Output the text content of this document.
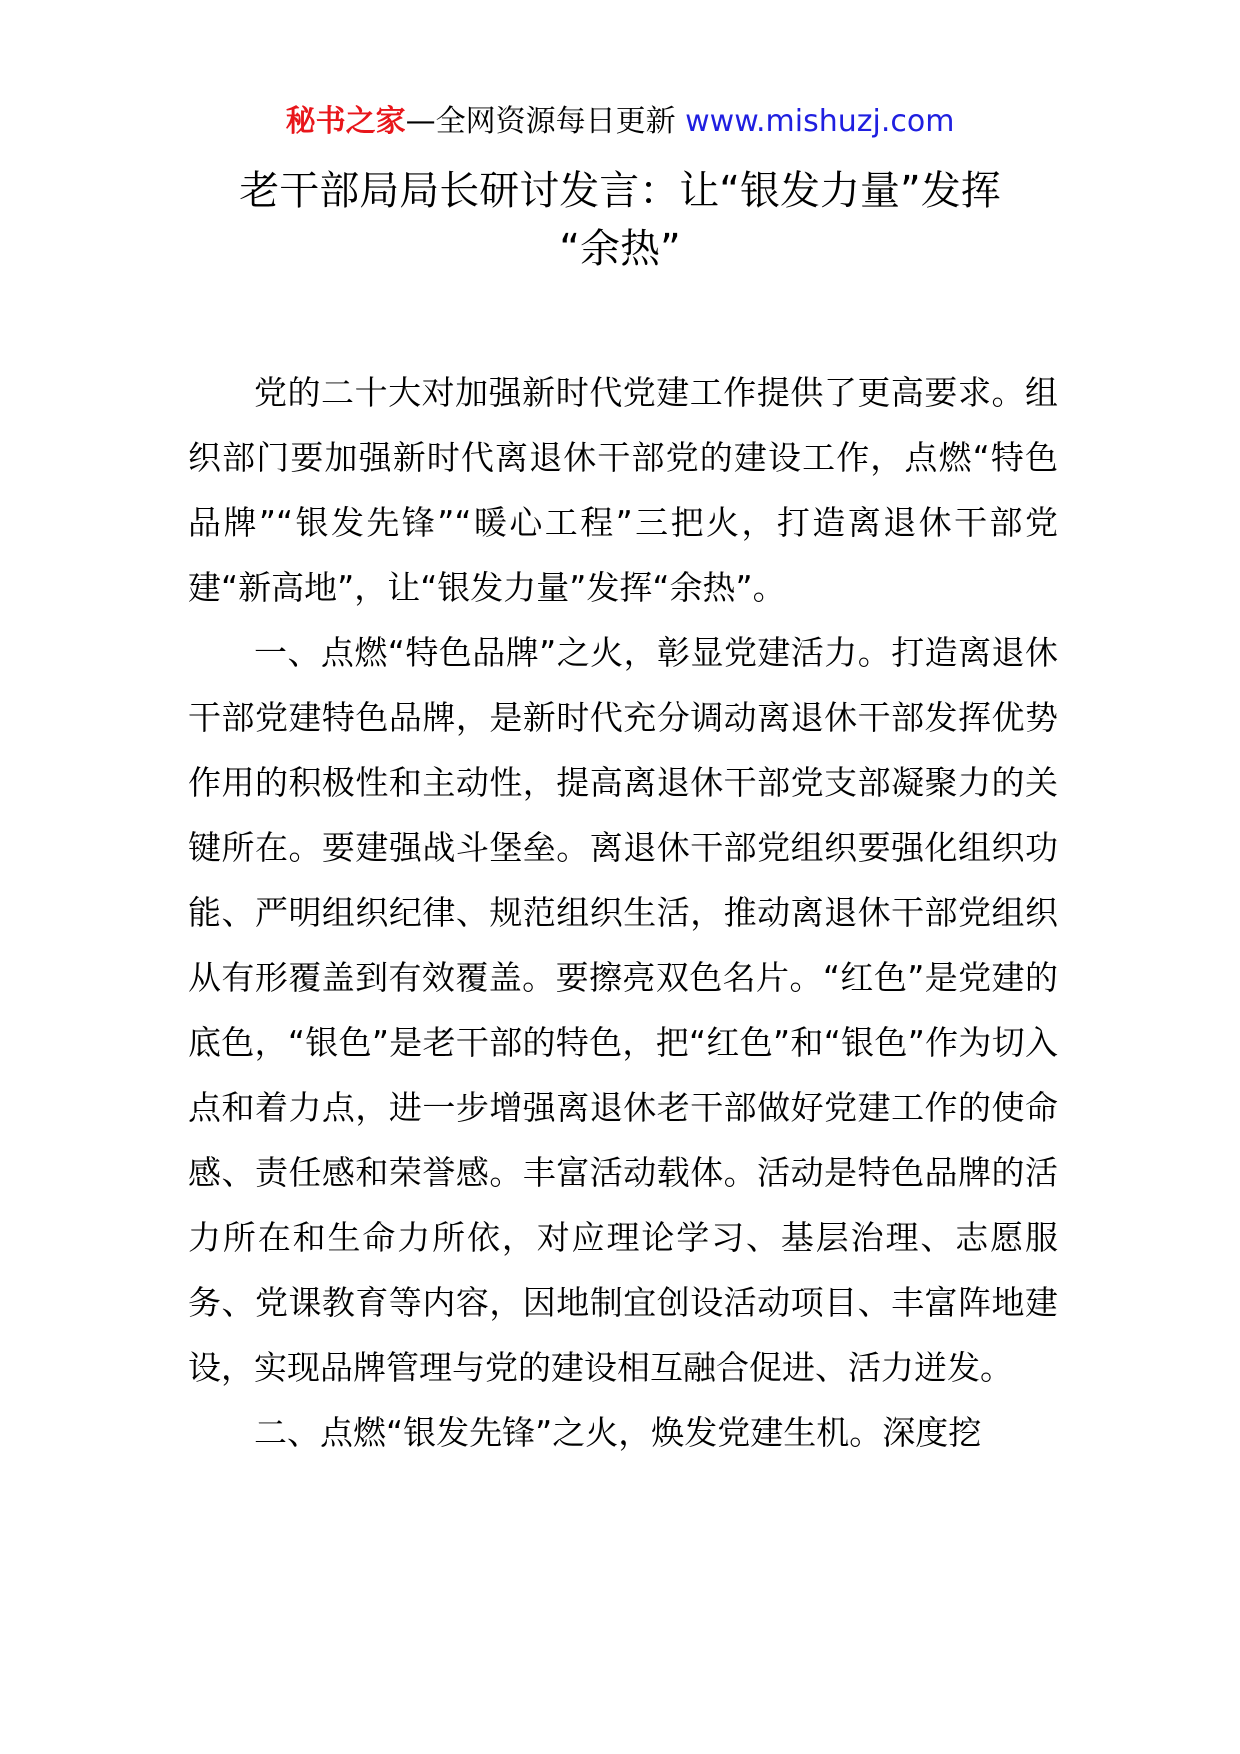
秘书之家—全网资源每日更新 www.mishuzj.com
老干部局局长研讨发言：让“银发力量”发挥
“余热”

党的二十大对加强新时代党建工作提供了更高要求。组织部门要加强新时代离退休干部党的建设工作，点燃“特色品牌”“银发先锋”“暖心工程”三把火，打造离退休干部党建“新高地”，让“银发力量”发挥“余热”。

一、点燃“特色品牌”之火，彰显党建活力。打造离退休干部党建特色品牌，是新时代充分调动离退休干部发挥优势作用的积极性和主动性，提高离退休干部党支部凝聚力的关键所在。要建强战斗堡垒。离退休干部党组织要强化组织功能、严明组织纪律、规范组织生活，推动离退休干部党组织从有形覆盖到有效覆盖。要擦亮双色名片。“红色”是党建的底色，“银色”是老干部的特色，把“红色”和“银色”作为切入点和着力点，进一步增强离退休老干部做好党建工作的使命感、责任感和荣誉感。丰富活动载体。活动是特色品牌的活力所在和生命力所依，对应理论学习、基层治理、志愿服务、党课教育等内容，因地制宜创设活动项目、丰富阵地建设，实现品牌管理与党的建设相互融合促进、活力迸发。

二、点燃“银发先锋”之火，焕发党建生机。深度挖
